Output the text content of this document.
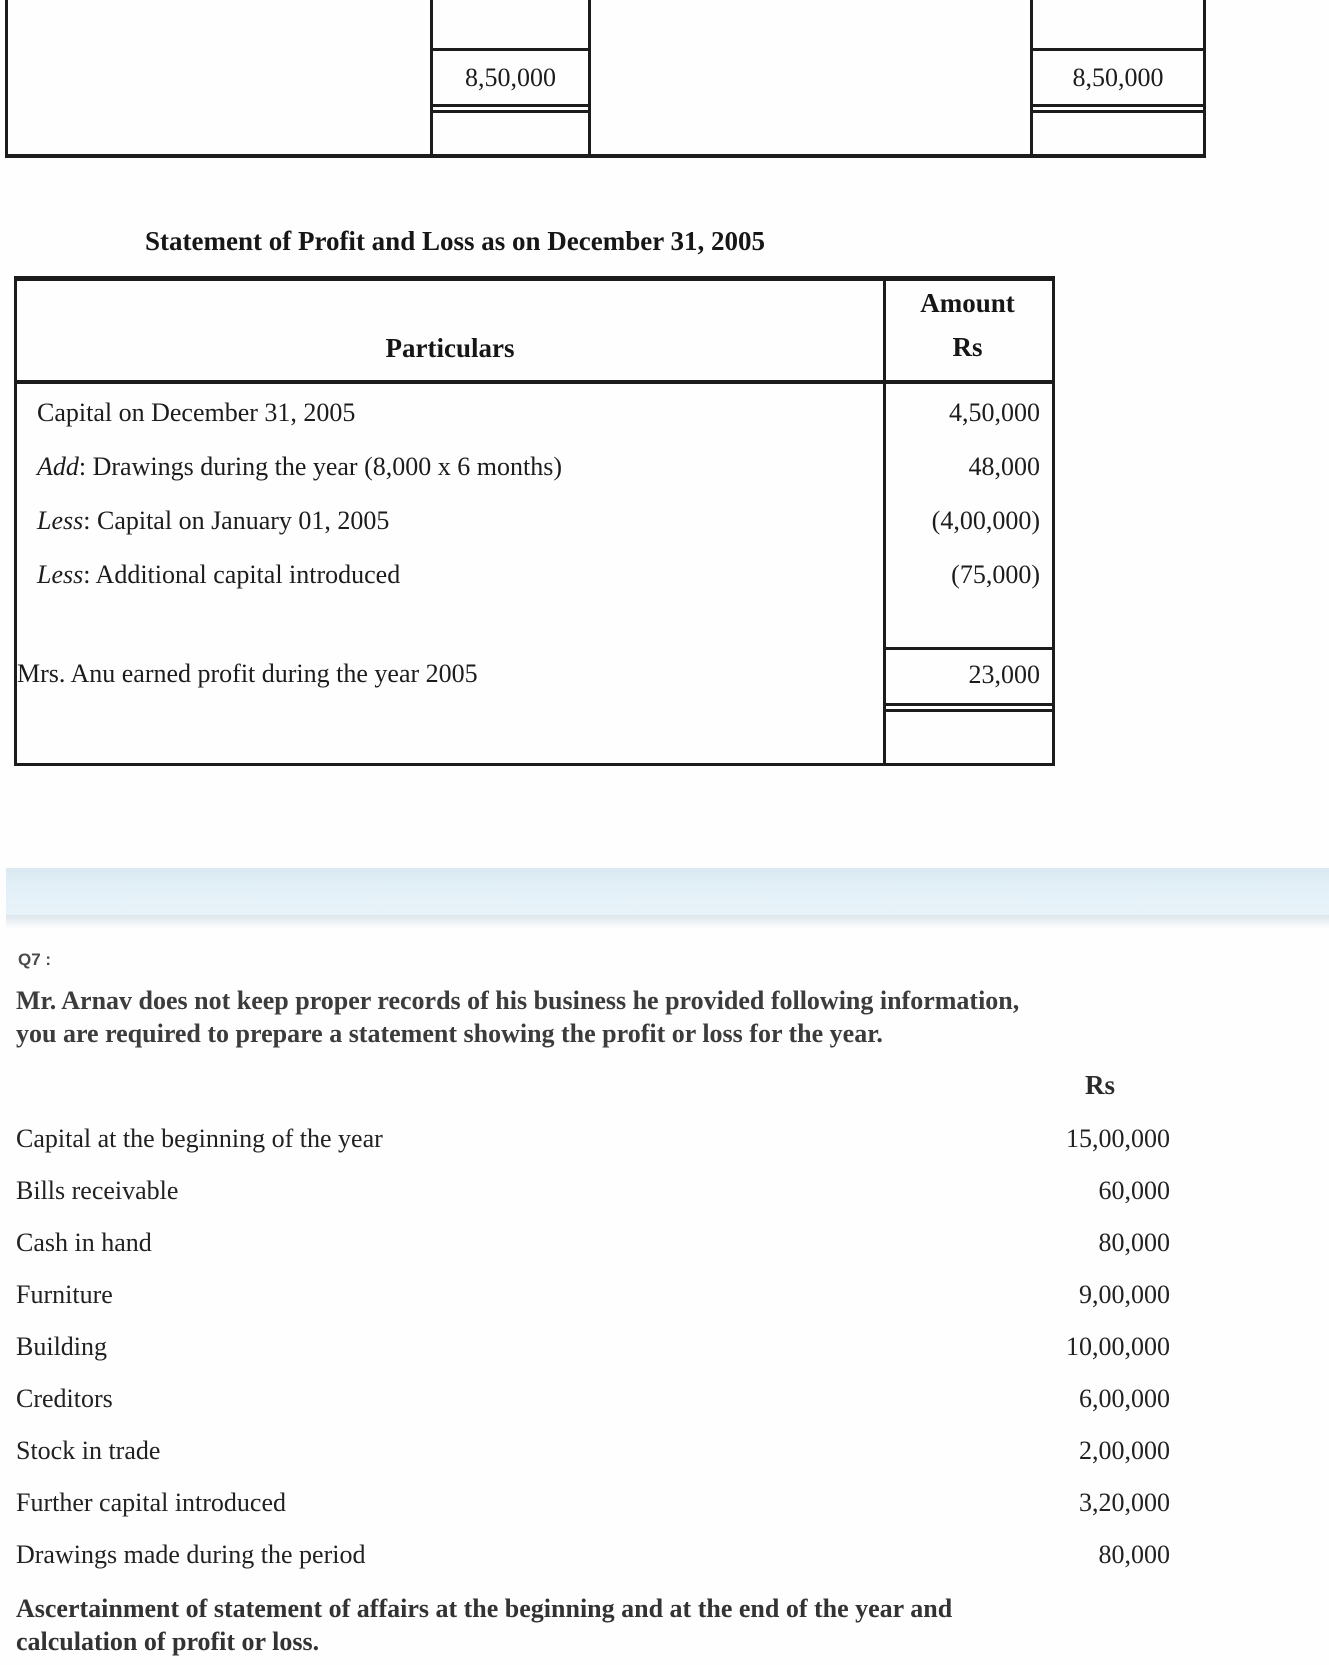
8,50,000	8,50,000
Statement of Profit and Loss as on December 31, 2005
Particulars
Amount
Rs
Capital on December 31, 2005	4,50,000
Add: Drawings during the year (8,000 x 6 months)	48,000
Less: Capital on January 01, 2005	(4,00,000)
Less: Additional capital introduced	(75,000)
Mrs. Anu earned profit during the year 2005	23,000
Q7 :
Mr. Arnav does not keep proper records of his business he provided following information,
you are required to prepare a statement showing the profit or loss for the year.
Rs
Capital at the beginning of the year	15,00,000
Bills receivable	60,000
Cash in hand	80,000
Furniture	9,00,000
Building	10,00,000
Creditors	6,00,000
Stock in trade	2,00,000
Further capital introduced	3,20,000
Drawings made during the period	80,000
Ascertainment of statement of affairs at the beginning and at the end of the year and
calculation of profit or loss.
